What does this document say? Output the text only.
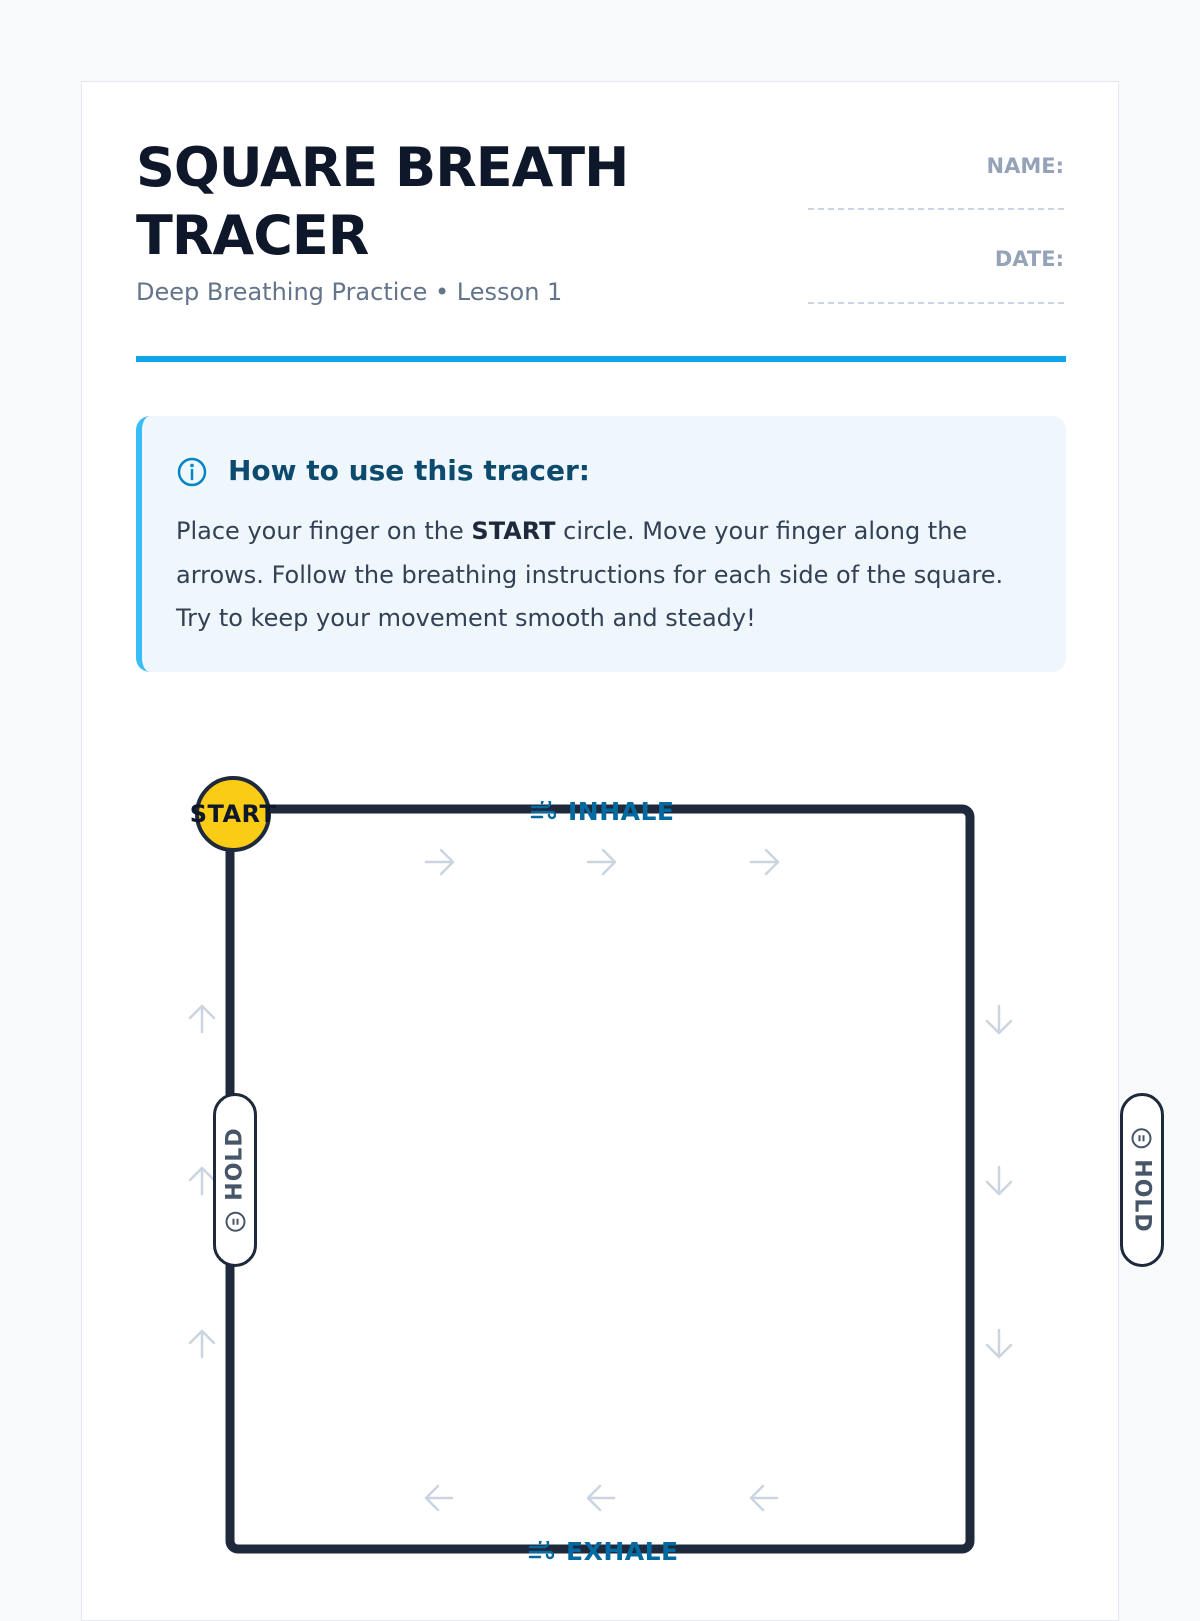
SQUARE BREATH
TRACER
Deep Breathing Practice • Lesson 1
NAME:
DATE:
How to use this tracer:
Place your finger on the START circle. Move your finger along the arrows. Follow the breathing instructions for each side of the square. Try to keep your movement smooth and steady!
INHALE
EXHALE
START
HOLD	HOLD
